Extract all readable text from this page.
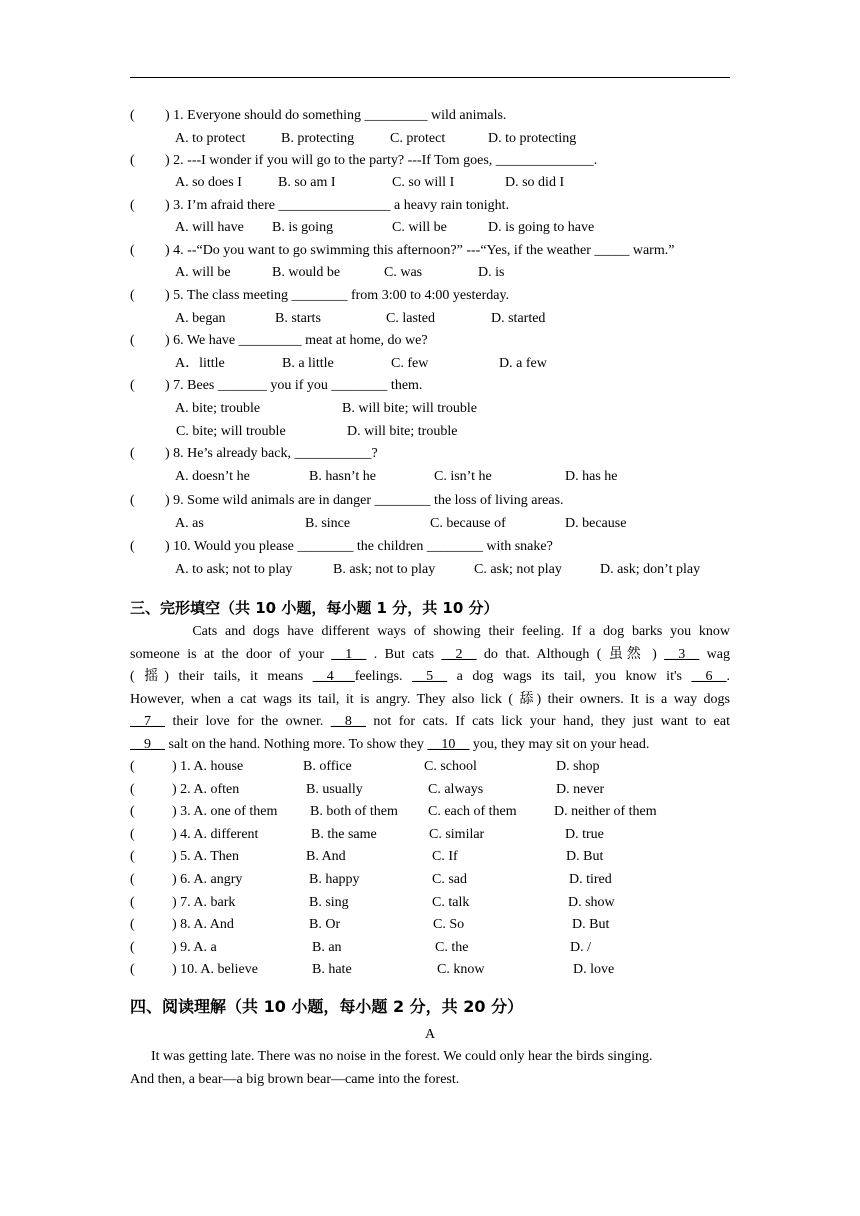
( ) 1. Everyone should do something _________ wild animals.
A. to protect	B. protecting	C. protect	D. to protecting
( ) 2. ---I wonder if you will go to the party? ---If Tom goes, ______________.
A. so does I	B. so am I	C. so will I	D. so did I
( ) 3. I’m afraid there ________________ a heavy rain tonight.
A. will have B. is going	C. will be	D. is going to have
( ) 4. --“Do you want to go swimming this afternoon?” ---“Yes, if the weather _____ warm.”
A. will be	B. would be	C. was	D. is
( ) 5. The class meeting ________ from 3:00 to 4:00 yesterday.
A. began	B. starts	C. lasted	D. started
( ) 6. We have _________ meat at home, do we?
A．little	B. a little	C. few	D. a few
( ) 7. Bees _______ you if you ________ them.
A. bite; trouble	B. will bite; will trouble
C. bite; will trouble	D. will bite; trouble
( ) 8. He’s already back, ___________?
A. doesn’t he	B. hasn’t he	C. isn’t he	D. has he
( ) 9. Some wild animals are in danger ________ the loss of living areas.
A. as	B. since	C. because of	D. because
( ) 10. Would you please ________ the children ________ with snake?
A. to ask; not to play	B. ask; not to play	C. ask; not play	D. ask; don’t play
三、完形填空（共 10 小题，每小题 1 分，共 10 分）
Cats and dogs have different ways of showing their feeling. If a dog barks you know
someone is at the door of your __1__ . But cats __2__ do that. Although ( 虽然 ) __3__ wag
( 摇) their tails, it means __4___feelings. __5__ a dog wags its tail, you know it's __6__.
However, when a cat wags its tail, it is angry. They also lick ( 舔) their owners. It is a way dogs
__7__ their love for the owner. __8__ not for cats. If cats lick your hand, they just want to eat
__9__ salt on the hand. Nothing more. To show they __10__ you, they may sit on your head.
(	) 1. A. house	B. office	C. school	D. shop
(	) 2. A. often	B. usually	C. always	D. never
(	) 3. A. one of them B. both of them C. each of them	D. neither of them
(	) 4. A. different	B. the same	C. similar	D. true
(	) 5. A. Then	B. And	C. If	D. But
(	) 6. A. angry	B. happy	C. sad	D. tired
(	) 7. A. bark	B. sing	C. talk	D. show
(	) 8. A. And	B. Or	C. So	D. But
(	) 9. A. a	B. an	C. the	D. /
(	) 10. A. believe	B. hate	C. know	D. love
四、阅读理解（共 10 小题，每小题 2 分，共 20 分）
A
It was getting late. There was no noise in the forest. We could only hear the birds singing.
And then, a bear—a big brown bear—came into the forest.
